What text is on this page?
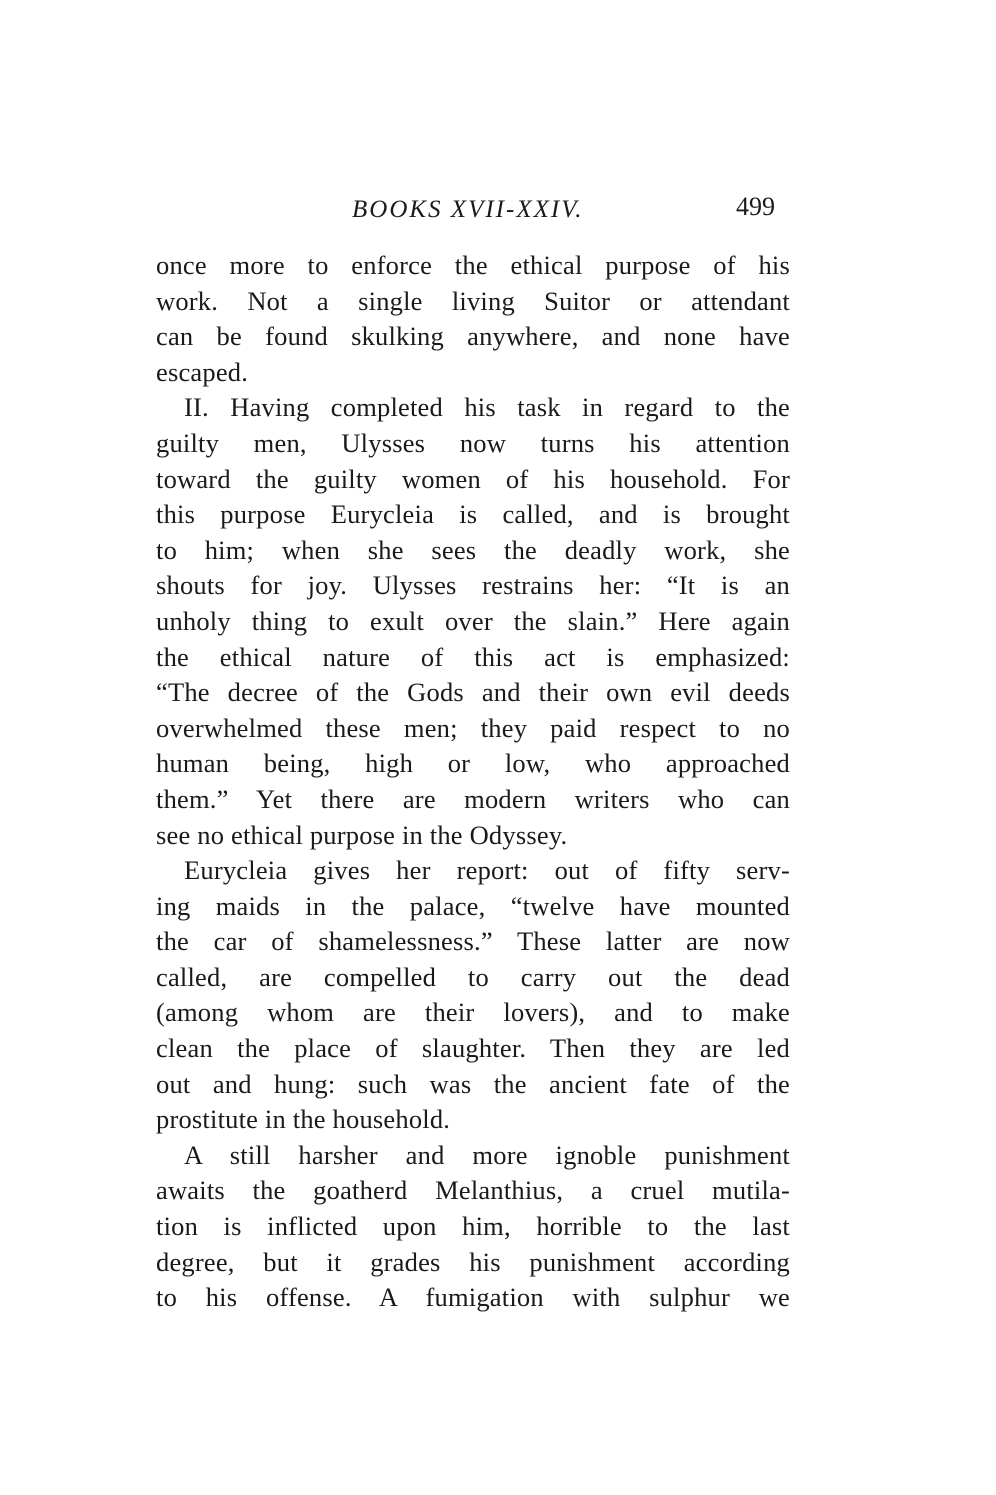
BOOKS XVII-XXIV.	499
once more to enforce the ethical purpose of his
work. Not a single living Suitor or attendant
can be found skulking anywhere, and none have
escaped.
II. Having completed his task in regard to the
guilty men, Ulysses now turns his attention
toward the guilty women of his household. For
this purpose Eurycleia is called, and is brought
to him; when she sees the deadly work, she
shouts for joy. Ulysses restrains her: “It is an
unholy thing to exult over the slain.” Here again
the ethical nature of this act is emphasized:
“The decree of the Gods and their own evil deeds
overwhelmed these men; they paid respect to no
human being, high or low, who approached
them.” Yet there are modern writers who can
see no ethical purpose in the Odyssey.
Eurycleia gives her report: out of fifty serv-
ing maids in the palace, “twelve have mounted
the car of shamelessness.” These latter are now
called, are compelled to carry out the dead
(among whom are their lovers), and to make
clean the place of slaughter. Then they are led
out and hung: such was the ancient fate of the
prostitute in the household.
A still harsher and more ignoble punishment
awaits the goatherd Melanthius, a cruel mutila-
tion is inflicted upon him, horrible to the last
degree, but it grades his punishment according
to his offense. A fumigation with sulphur we
